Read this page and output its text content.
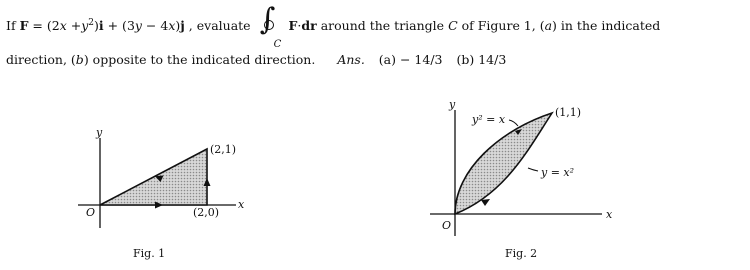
If $F = (2x +y^2)i + (3y - 4x)j$ , evaluate ∫
C
F·dr around the triangle C of Figure 1, (a) in the indicated
direction, (b) opposite to the indicated direction. Ans. (a) − 14/3 (b) 14/3
y
x
O
(2,1)
(2,0)
Fig. 1
y
x
O
(1,1)
y² = x
y = x²
Fig. 2
